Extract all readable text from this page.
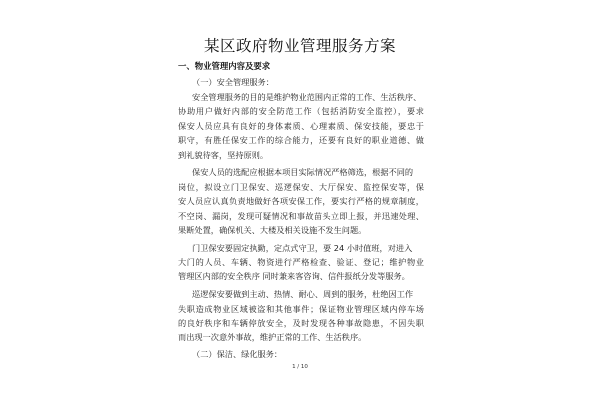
某区政府物业管理服务方案
一、物业管理内容及要求
（一）安全管理服务：
1 / 10
安全管理服务的目的是维护物业范围内正常的工作、生活秩序、
协助用户做好内部的安全防范工作（包括消防安全监控），要求
保安人员应具有良好的身体素质、心理素质、保安技能，要忠于
职守，有胜任保安工作的综合能力，还要有良好的职业道德、做
到礼貌待客，坚持原则。
保安人员的选配应根据本项目实际情况严格筛选，根据不同的
岗位，拟设立门卫保安、巡逻保安、大厅保安、监控保安等，保
安人员应认真负责地做好各项安保工作，要实行严格的规章制度，
不空岗、漏岗，发现可疑情况和事故苗头立即上报，并迅速处理、
果断处置，确保机关、大楼及相关设施不发生问题。
门卫保安要固定执勤，定点式守卫，要 24 小时值班，对进入
大门的人员、车辆、物资进行严格检查、验证、登记；维护物业
管理区内部的安全秩序 同时兼来客咨询、信件报纸分发等服务。
巡逻保安要做到主动、热情、耐心、周到的服务，杜绝因工作
失职造成物业区域被盗和其他事件；保证物业管理区域内停车场
的良好秩序和车辆停放安全，及时发现各种事故隐患，不因失职
而出现一次意外事故，维护正常的工作、生活秩序。
（二）保洁、绿化服务：
